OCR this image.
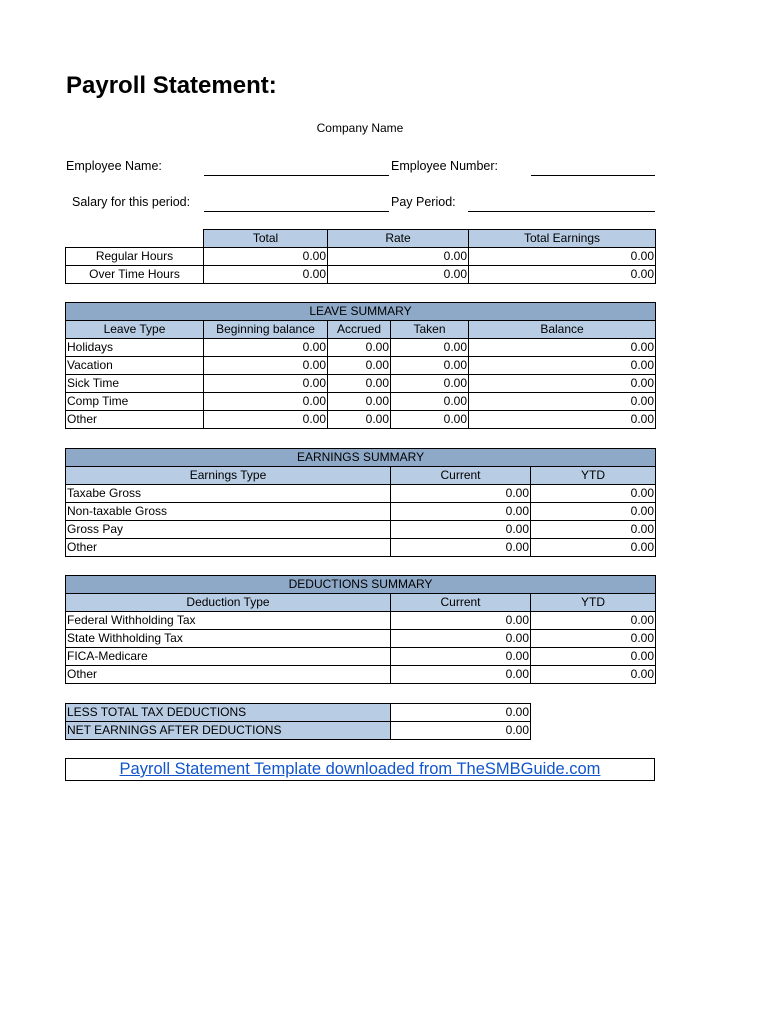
Payroll Statement:
Company Name
Employee Name:	Employee Number:
Salary for this period:	Pay Period:
	Total	Rate	Total Earnings
Regular Hours	0.00	0.00	0.00
Over Time Hours	0.00	0.00	0.00
LEAVE SUMMARY				
Leave Type	Beginning balance	Accrued	Taken	Balance
Holidays	0.00	0.00	0.00	0.00
Vacation	0.00	0.00	0.00	0.00
Sick Time	0.00	0.00	0.00	0.00
Comp Time	0.00	0.00	0.00	0.00
Other	0.00	0.00	0.00	0.00
EARNINGS SUMMARY		
Earnings Type	Current	YTD
Taxabe Gross	0.00	0.00
Non-taxable Gross	0.00	0.00
Gross Pay	0.00	0.00
Other	0.00	0.00
DEDUCTIONS SUMMARY		
Deduction Type	Current	YTD
Federal Withholding Tax	0.00	0.00
State Withholding Tax	0.00	0.00
FICA-Medicare	0.00	0.00
Other	0.00	0.00
LESS TOTAL TAX DEDUCTIONS	0.00
NET EARNINGS AFTER DEDUCTIONS	0.00
Payroll Statement Template downloaded from TheSMBGuide.com
